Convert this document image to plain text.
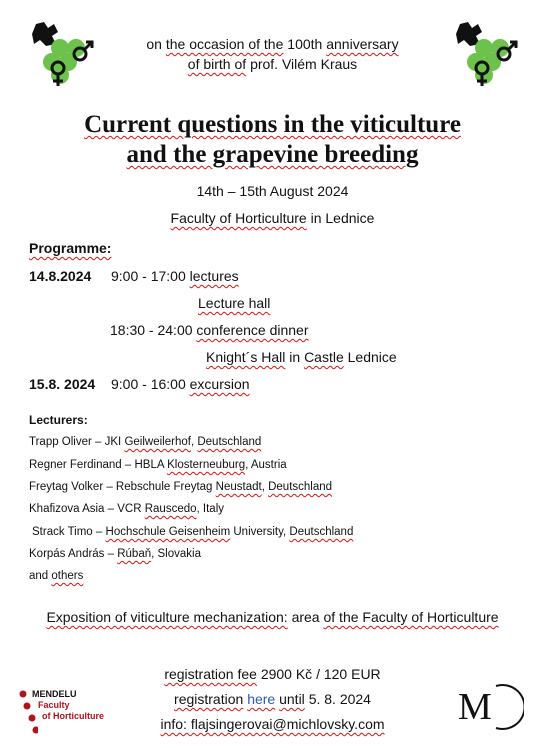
on the occasion of the 100th anniversary
of birth of prof. Vilém Kraus
Current questions in the viticulture
and the grapevine breeding
14th – 15th August 2024
Faculty of Horticulture in Lednice
Programme:
14.8.2024 9:00 - 17:00 lectures
Lecture hall
18:30 - 24:00 conference dinner
Knight´s Hall in Castle Lednice
15.8. 2024 9:00 - 16:00 excursion
Lecturers:
Trapp Oliver – JKI Geilweilerhof, Deutschland
Regner Ferdinand – HBLA Klosterneuburg, Austria
Freytag Volker – Rebschule Freytag Neustadt, Deutschland
Khafizova Asia – VCR Rauscedo, Italy
Strack Timo – Hochschule Geisenheim University, Deutschland
Korpás András – Rúbaň, Slovakia
and others
Exposition of viticulture mechanization: area of the Faculty of Horticulture
registration fee 2900 Kč / 120 EUR
registration here until 5. 8. 2024
info: flajsingerovai@michlovsky.com
MENDELU
Faculty
of Horticulture	M
